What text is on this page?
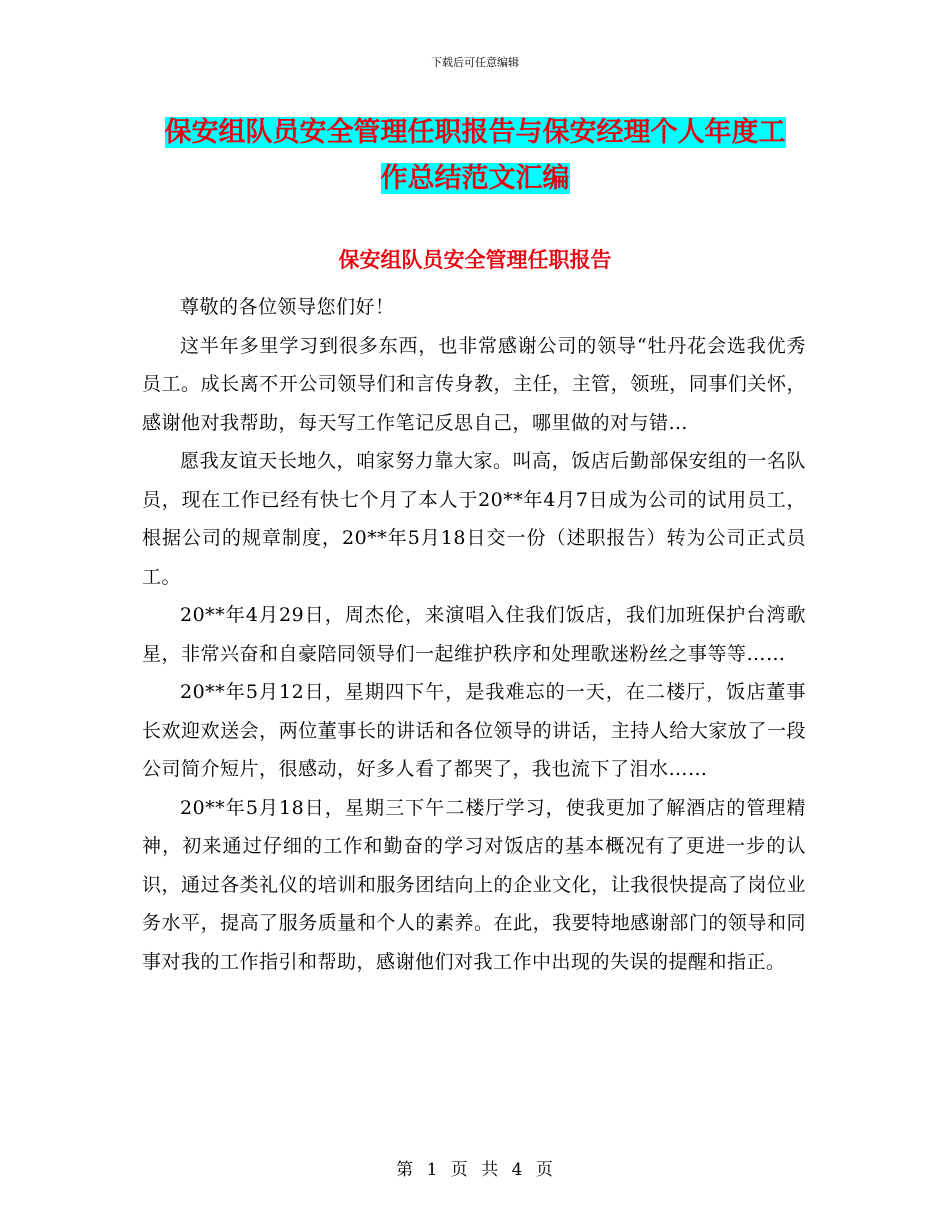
下载后可任意编辑
保安组队员安全管理任职报告与保安经理个人年度工
作总结范文汇编
保安组队员安全管理任职报告

尊敬的各位领导您们好！

这半年多里学习到很多东西，也非常感谢公司的领导“牡丹花会选我优秀员工。成长离不开公司领导们和言传身教，主任，主管，领班，同事们关怀，感谢他对我帮助，每天写工作笔记反思自己，哪里做的对与错…

愿我友谊天长地久，咱家努力靠大家。叫高，饭店后勤部保安组的一名队员，现在工作已经有快七个月了本人于20**年4月7日成为公司的试用员工，根据公司的规章制度，20**年5月18日交一份（述职报告）转为公司正式员工。

20**年4月29日，周杰伦，来演唱入住我们饭店，我们加班保护台湾歌星，非常兴奋和自豪陪同领导们一起维护秩序和处理歌迷粉丝之事等等……

20**年5月12日，星期四下午，是我难忘的一天，在二楼厅，饭店董事长欢迎欢送会，两位董事长的讲话和各位领导的讲话，主持人给大家放了一段公司简介短片，很感动，好多人看了都哭了，我也流下了泪水……

20**年5月18日，星期三下午二楼厅学习，使我更加了解酒店的管理精神，初来通过仔细的工作和勤奋的学习对饭店的基本概况有了更进一步的认识，通过各类礼仪的培训和服务团结向上的企业文化，让我很快提高了岗位业务水平，提高了服务质量和个人的素养。在此，我要特地感谢部门的领导和同事对我的工作指引和帮助，感谢他们对我工作中出现的失误的提醒和指正。

第 1 页 共 4 页
